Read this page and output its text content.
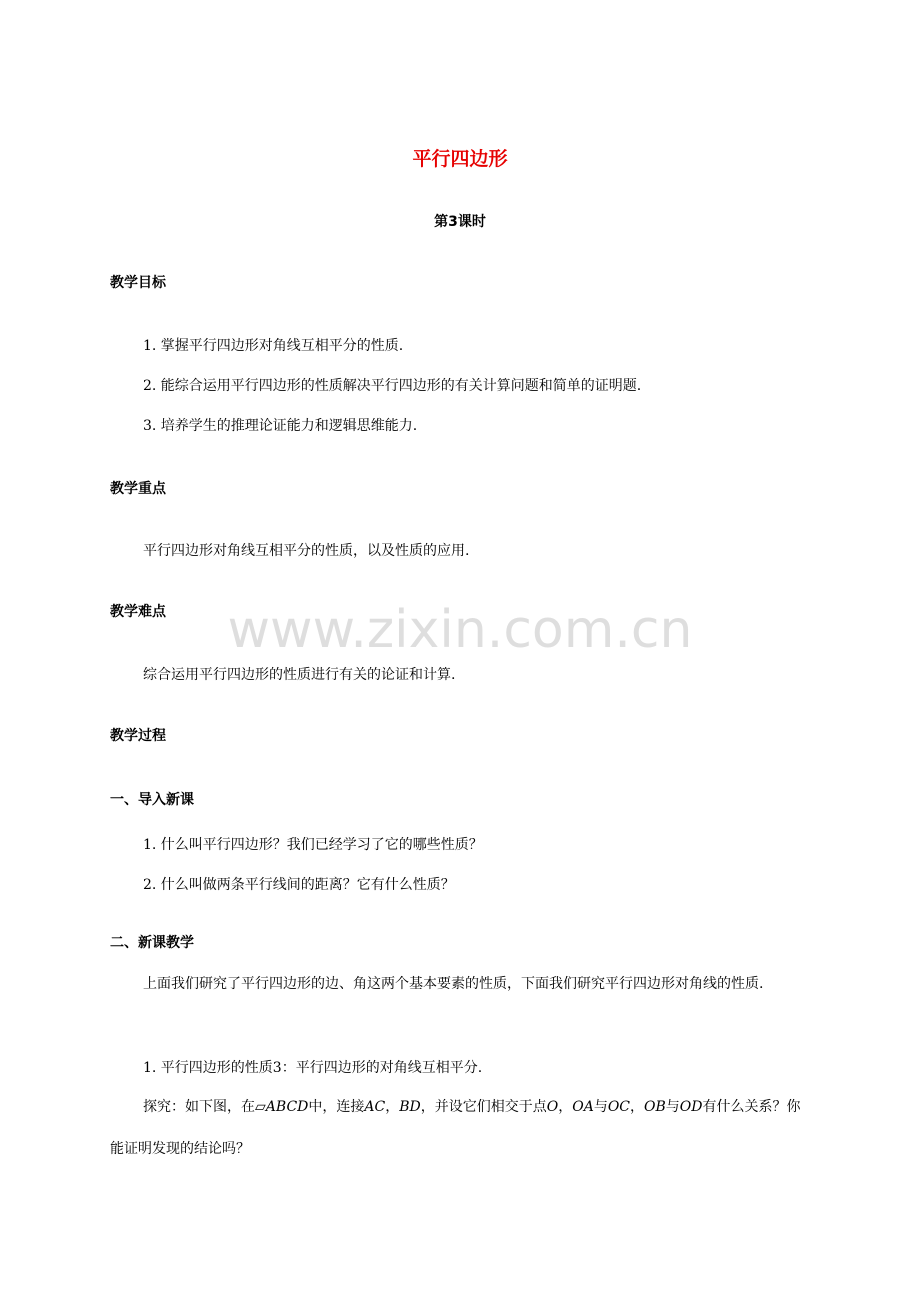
www.zixin.com.cn
平行四边形
第3课时
教学目标
1. 掌握平行四边形对角线互相平分的性质.
2. 能综合运用平行四边形的性质解决平行四边形的有关计算问题和简单的证明题.
3. 培养学生的推理论证能力和逻辑思维能力.
教学重点
平行四边形对角线互相平分的性质，以及性质的应用.
教学难点
综合运用平行四边形的性质进行有关的论证和计算.
教学过程
一、导入新课
1. 什么叫平行四边形？我们已经学习了它的哪些性质？
2. 什么叫做两条平行线间的距离？它有什么性质？
二、新课教学
上面我们研究了平行四边形的边、角这两个基本要素的性质，下面我们研究平行四边形对角线的性质.
1. 平行四边形的性质3：平行四边形的对角线互相平分.
探究：如下图，在▱ABCD中，连接AC，BD，并设它们相交于点O，OA与OC，OB与OD有什么关系？你能证明发现的结论吗？
